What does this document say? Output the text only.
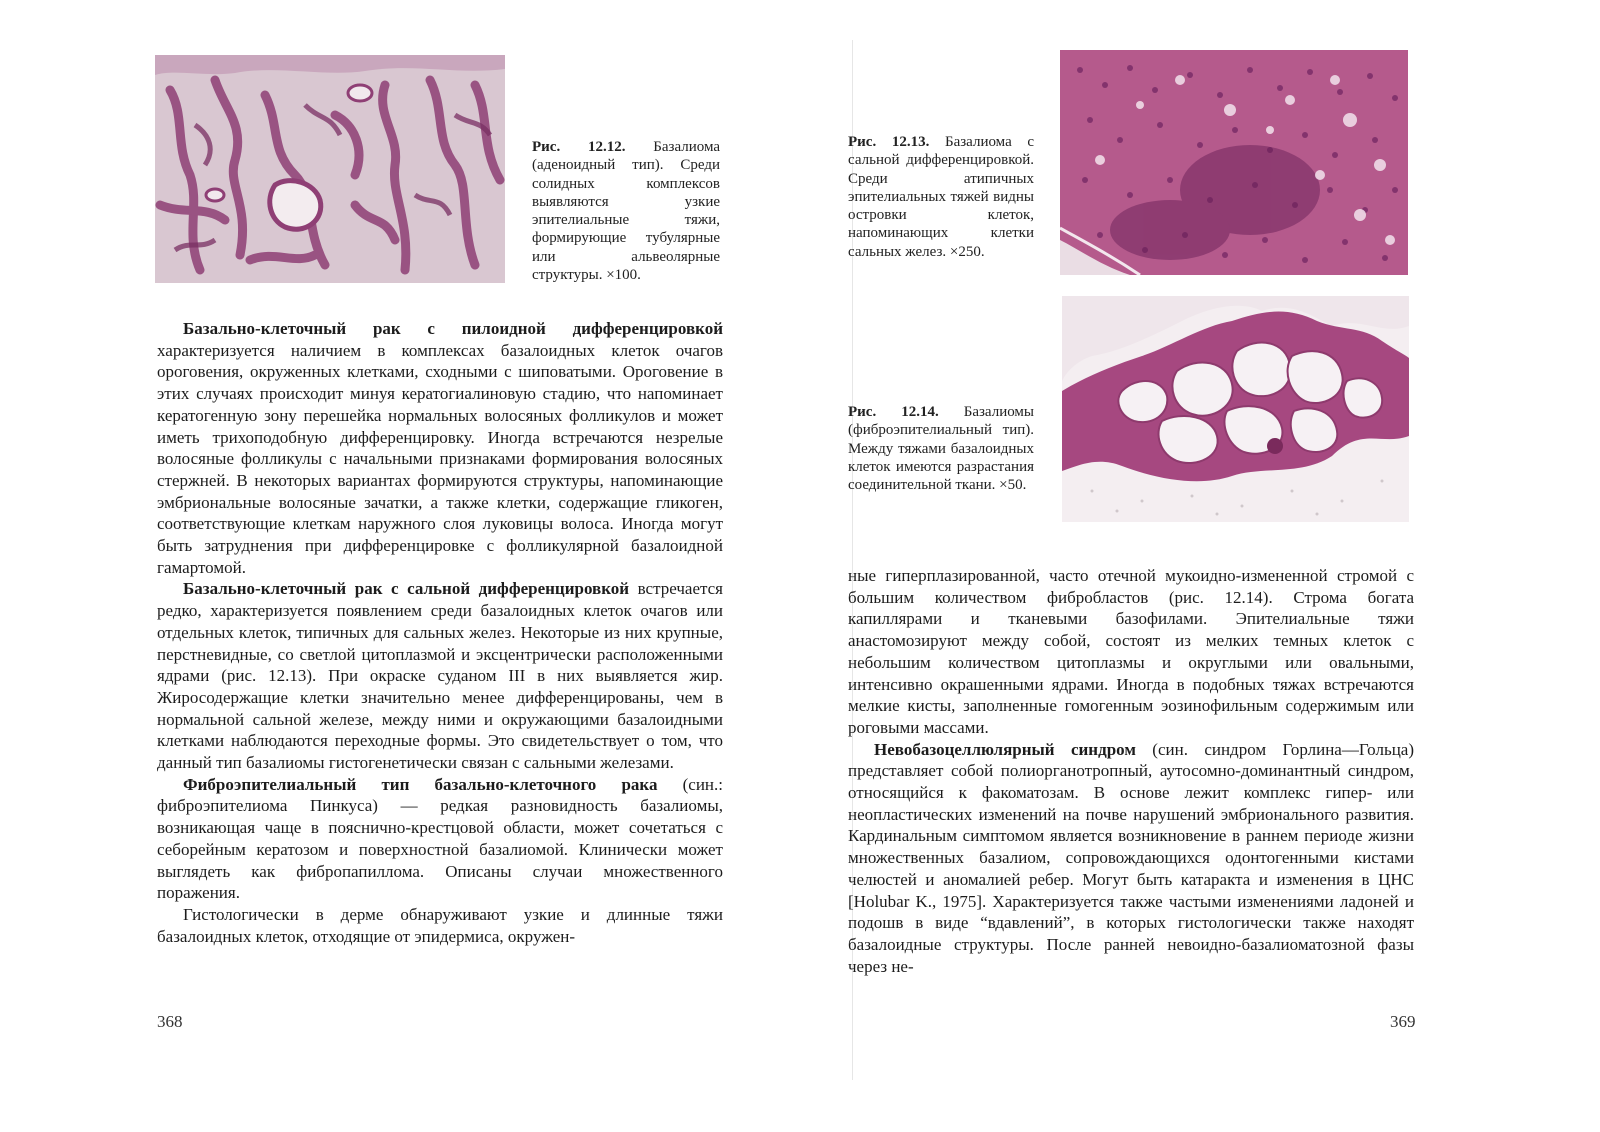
Рис. 12.12. Базалиома (аденоидный тип). Среди солидных комплексов выявляются узкие эпителиальные тяжи, формирующие тубулярные или альвеолярные структуры. ×100.

Базально-клеточный рак с пилоидной дифференцировкой характеризуется наличием в комплексах базалоидных клеток очагов ороговения, окруженных клетками, сходными с шиповатыми. Ороговение в этих случаях происходит минуя кератогиалиновую стадию, что напоминает кератогенную зону перешейка нормальных волосяных фолликулов и может иметь трихоподобную дифференцировку. Иногда встречаются незрелые волосяные фолликулы с начальными признаками формирования волосяных стержней. В некоторых вариантах формируются структуры, напоминающие эмбриональные волосяные зачатки, а также клетки, содержащие гликоген, соответствующие клеткам наружного слоя луковицы волоса. Иногда могут быть затруднения при дифференцировке с фолликулярной базалоидной гамартомой.

Базально-клеточный рак с сальной дифференцировкой встречается редко, характеризуется появлением среди базалоидных клеток очагов или отдельных клеток, типичных для сальных желез. Некоторые из них крупные, перстневидные, со светлой цитоплазмой и эксцентрически расположенными ядрами (рис. 12.13). При окраске суданом III в них выявляется жир. Жиросодержащие клетки значительно менее дифференцированы, чем в нормальной сальной железе, между ними и окружающими базалоидными клетками наблюдаются переходные формы. Это свидетельствует о том, что данный тип базалиомы гистогенетически связан с сальными железами.

Фиброэпителиальный тип базально-клеточного рака (син.: фиброэпителиома Пинкуса) — редкая разновидность базалиомы, возникающая чаще в пояснично-крестцовой области, может сочетаться с себорейным кератозом и поверхностной базалиомой. Клинически может выглядеть как фибропапиллома. Описаны случаи множественного поражения.

Гистологически в дерме обнаруживают узкие и длинные тяжи базалоидных клеток, отходящие от эпидермиса, окружен-

368
Рис. 12.13. Базалиома с сальной дифференцировкой. Среди атипичных эпителиальных тяжей видны островки клеток, напоминающих клетки сальных желез. ×250.
Рис. 12.14. Базалиомы (фиброэпителиальный тип). Между тяжами базалоидных клеток имеются разрастания соединительной ткани. ×50.

ные гиперплазированной, часто отечной мукоидно-измененной стромой с большим количеством фибробластов (рис. 12.14). Строма богата капиллярами и тканевыми базофилами. Эпителиальные тяжи анастомозируют между собой, состоят из мелких темных клеток с небольшим количеством цитоплазмы и округлыми или овальными, интенсивно окрашенными ядрами. Иногда в подобных тяжах встречаются мелкие кисты, заполненные гомогенным эозинофильным содержимым или роговыми массами.

Невобазоцеллюлярный синдром (син. синдром Горлина—Гольца) представляет собой полиорганотропный, аутосомно-доминантный синдром, относящийся к факоматозам. В основе лежит комплекс гипер- или неопластических изменений на почве нарушений эмбрионального развития. Кардинальным симптомом является возникновение в раннем периоде жизни множественных базалиом, сопровождающихся одонтогенными кистами челюстей и аномалией ребер. Могут быть катаракта и изменения в ЦНС [Holubar K., 1975]. Характеризуется также частыми изменениями ладоней и подошв в виде “вдавлений”, в которых гистологически также находят базалоидные структуры. После ранней невоидно-базалиоматозной фазы через не-

369
